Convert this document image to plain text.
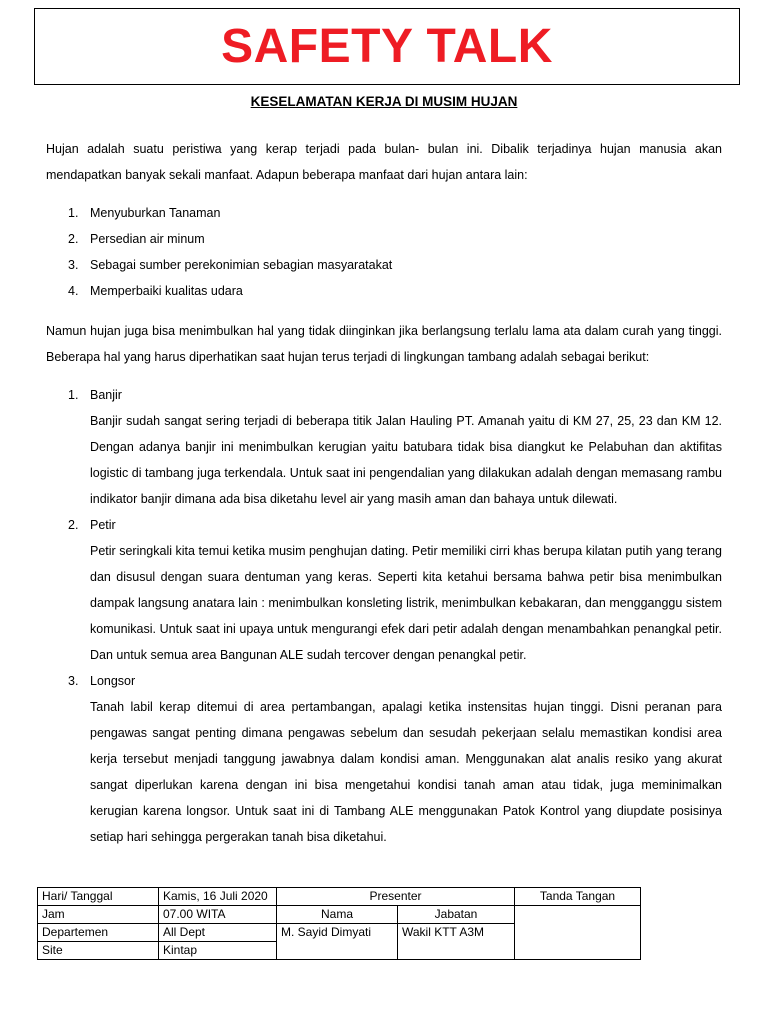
SAFETY TALK
KESELAMATAN KERJA DI MUSIM HUJAN

Hujan adalah suatu peristiwa yang kerap terjadi pada bulan- bulan ini. Dibalik terjadinya hujan manusia akan mendapatkan banyak sekali manfaat. Adapun beberapa manfaat dari hujan antara lain:

1. Menyuburkan Tanaman
2. Persedian air minum
3. Sebagai sumber perekonimian sebagian masyaratakat
4. Memperbaiki kualitas udara

Namun hujan juga bisa menimbulkan hal yang tidak diinginkan jika berlangsung terlalu lama ata dalam curah yang tinggi. Beberapa hal yang harus diperhatikan saat hujan terus terjadi di lingkungan tambang adalah sebagai berikut:

1. Banjir
Banjir sudah sangat sering terjadi di beberapa titik Jalan Hauling PT. Amanah yaitu di KM 27, 25, 23 dan KM 12. Dengan adanya banjir ini menimbulkan kerugian yaitu batubara tidak bisa diangkut ke Pelabuhan dan aktifitas logistic di tambang juga terkendala. Untuk saat ini pengendalian yang dilakukan adalah dengan memasang rambu indikator banjir dimana ada bisa diketahu level air yang masih aman dan bahaya untuk dilewati.
2. Petir
Petir seringkali kita temui ketika musim penghujan dating. Petir memiliki cirri khas berupa kilatan putih yang terang dan disusul dengan suara dentuman yang keras. Seperti kita ketahui bersama bahwa petir bisa menimbulkan dampak langsung anatara lain : menimbulkan konsleting listrik, menimbulkan kebakaran, dan mengganggu sistem komunikasi. Untuk saat ini upaya untuk mengurangi efek dari petir adalah dengan menambahkan penangkal petir. Dan untuk semua area Bangunan ALE sudah tercover dengan penangkal petir.
3. Longsor
Tanah labil kerap ditemui di area pertambangan, apalagi ketika instensitas hujan tinggi. Disni peranan para pengawas sangat penting dimana pengawas sebelum dan sesudah pekerjaan selalu memastikan kondisi area kerja tersebut menjadi tanggung jawabnya dalam kondisi aman. Menggunakan alat analis resiko yang akurat sangat diperlukan karena dengan ini bisa mengetahui kondisi tanah aman atau tidak, juga meminimalkan kerugian karena longsor. Untuk saat ini di Tambang ALE menggunakan Patok Kontrol yang diupdate posisinya setiap hari sehingga pergerakan tanah bisa diketahui.
Hari/ Tanggal	Kamis, 16 Juli 2020	Presenter		Tanda Tangan
Jam	07.00 WITA	Nama	Jabatan	
Departemen	All Dept	M. Sayid Dimyati	Wakil KTT A3M	
Site	Kintap			
